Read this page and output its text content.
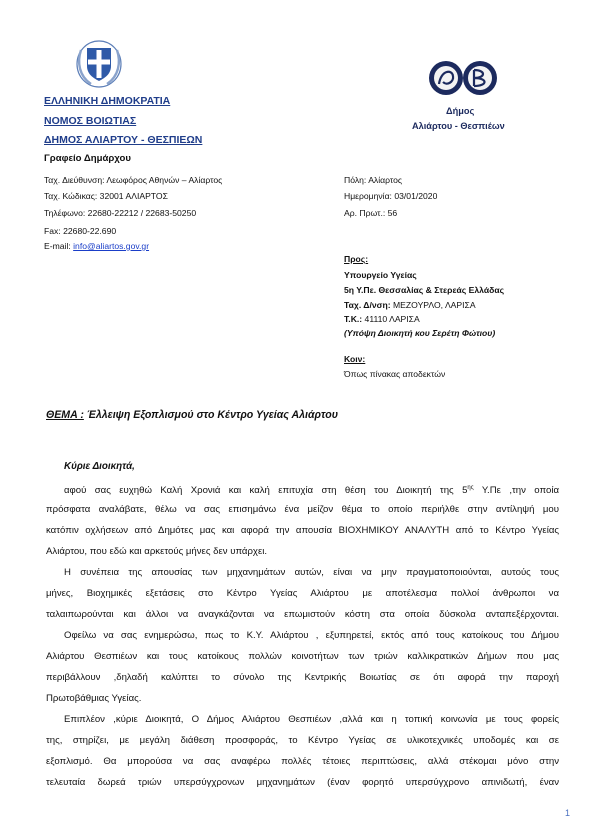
Δήμος
Αλιάρτου - Θεσπιέων
ΕΛΛΗΝΙΚΗ ΔΗΜΟΚΡΑΤΙΑ
ΝΟΜΟΣ ΒΟΙΩΤΙΑΣ
ΔΗΜΟΣ ΑΛΙΑΡΤΟΥ - ΘΕΣΠΙΕΩΝ
Γραφείο Δημάρχου
Ταχ. Διεύθυνση: Λεωφόρος Αθηνών – Αλίαρτος
Ταχ. Κώδικας: 32001 ΑΛΙΑΡΤΟΣ
Τηλέφωνο: 22680-22212 / 22683-50250
Fax: 22680-22.690
E-mail: info@aliartos.gov.gr
Πόλη: Αλίαρτος
Ημερομηνία: 03/01/2020
Αρ. Πρωτ.: 56
Προς:
Υπουργείο Υγείας
5η Υ.Πε. Θεσσαλίας & Στερεάς Ελλάδας
Ταχ. Δ/νση: ΜΕΖΟΥΡΛΟ, ΛΑΡΙΣΑ
Τ.Κ.: 41110 ΛΑΡΙΣΑ
(Υπόψη Διοικητή κου Σερέτη Φώτιου)
Κοιν:
Όπως πίνακας αποδεκτών
ΘΕΜΑ : Έλλειψη Εξοπλισμού στο Κέντρο Υγείας Αλιάρτου
Κύριε Διοικητά,
αφού σας ευχηθώ Καλή Χρονιά και καλή επιτυχία στη θέση του Διοικητή της $5^{\eta\varsigma}$ Υ.Πε ,την οποία
πρόσφατα αναλάβατε, θέλω να σας επισημάνω ένα μείζον θέμα το οποίο περιήλθε στην αντίληψή μου
κατόπιν οχλήσεων από Δημότες μας και αφορά την απουσία ΒΙΟΧΗΜΙΚΟΥ ΑΝΑΛΥΤΗ από το Κέντρο Υγείας
Αλιάρτου, που εδώ και αρκετούς μήνες δεν υπάρχει.
Η συνέπεια της απουσίας των μηχανημάτων αυτών, είναι να μην πραγματοποιούνται, αυτούς τους
μήνες, Βιοχημικές εξετάσεις στο Κέντρο Υγείας Αλιάρτου με αποτέλεσμα πολλοί άνθρωποι να
ταλαιπωρούνται και άλλοι να αναγκάζονται να επωμιστούν κόστη στα οποία δύσκολα ανταπεξέρχονται.
Οφείλω να σας ενημερώσω, πως το Κ.Υ. Αλιάρτου , εξυπηρετεί, εκτός από τους κατοίκους του Δήμου
Αλιάρτου Θεσπιέων και τους κατοίκους πολλών κοινοτήτων των τριών καλλικρατικών Δήμων που μας
περιβάλλουν ,δηλαδή καλύπτει το σύνολο της Κεντρικής Βοιωτίας σε ότι αφορά την παροχή
Πρωτοβάθμιας Υγείας.
Επιπλέον ,κύριε Διοικητά, Ο Δήμος Αλιάρτου Θεσπιέων ,αλλά και η τοπική κοινωνία με τους φορείς
της, στηρίζει, με μεγάλη διάθεση προσφοράς, το Κέντρο Υγείας σε υλικοτεχνικές υποδομές και σε
εξοπλισμό. Θα μπορούσα να σας αναφέρω πολλές τέτοιες περιπτώσεις, αλλά στέκομαι μόνο στην
τελευταία δωρεά τριών υπερσύγχρονων μηχανημάτων (έναν φορητό υπερσύγχρονο απινιδωτή, έναν
1
